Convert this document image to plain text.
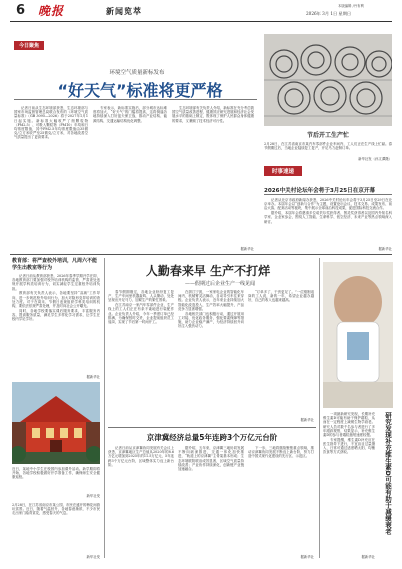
6 晚报	新闻览萃
本版编辑 /丹布利
2026年 3月 1日 星期日
今日聚焦
环境空气质量新标发布
“好天气”标准将更严格

记者日前从生态环境部获悉，生态环境部与国家市场监督管理总局联合发布的《环境空气质量标准》（GB 3095—2026）将于2027年1月1日起实施。新标准大幅收严了细颗粒物（PM2.5）、可吸入颗粒物（PM10）年均和日均浓度限值，其中PM2.5年均浓度限值由35微克/立方米收严至25微克/立方米，对各地改善空气质量提出了更高要求。

专家表示，新标准实施后，部分城市达标难度将加大，“好天气”的门槛将提高，这将倒逼各地持续深入打好蓝天保卫战，推动产业结构、能源结构、交通运输结构优化调整。

生态环境部有关负责人介绍，新标准在充分考虑我国空气质量改善进程、健康效应研究进展和经济社会发展水平的基础上制定，既体现了保护人民群众身体健康的要求，又兼顾了技术经济可行性。

据新华社
节后开工生产忙
2月28日，在江苏省南京市某汽车零部件企业车间内，工人们正在生产线上忙碌。春节假期过后，当地企业陆续复工复产，开足马力赶制订单。
新华社发（孙文潭摄）
时事速递
2026中关村论坛年会将于3月25日在京开幕

记者从北京市政府新闻办获悉，2026中关村论坛年会将于3月25日至29日在北京举办。本届年会以“创新与合作”为主题，设置论坛会议、技术交易、成果发布、前沿大赛、配套活动等板块，集中展示全球前沿科技成果，促进国际科技交流合作。

据介绍，本届年会将邀请多位诺贝尔奖获得者、图灵奖获得者以及国内外知名科学家、企业家参会，围绕人工智能、生命科学、低空经济、未来产业等热点领域深入研讨。

据新华社
教育部：将严查校外培训，凡周六不能学生出教室等行为

记者日前从教育部获悉，2026年春季学期开学在即，各地教育部门要加强对校外培训机构的监管，严肃查处违规开展学科类培训行为，切实减轻学生过重校外培训负担。

教育部有关负责人表示，各地要坚持“双减”工作导向，进一步规范校外培训行为，加大对隐形变异培训的查处力度。对于在周末、节假日违规组织学科类培训的机构，要依法依规严肃处理，并及时向社会公开曝光。

同时，各地学校要落实课后服务要求，丰富服务内容，提高服务质量，满足学生多样化学习需求，让学生在校内学足学好。

据新华社
近日，某地中小学生在校园内参加课外活动。新学期即将开始，各地学校积极做好开学准备工作，确保师生安全健康返校。
新华社发
人勤春来早 生产不打烊
——假期过后企业生产一线见闻

春节假期刚过，各地企业纷纷复工复产，生产车间里机器轰鸣、人头攒动，处处呈现出开足马力、加紧生产的繁忙景象。

在江苏南京一家汽车零部件企业，生产线上的工人们正在有条不紊地进行装配作业。企业负责人介绍，今年一季度订单已经排满，为确保按时交货，企业提前组织员工返岗，实现了节后第一时间开工。

在浙江宁波，一家家电企业的智能化车间内，机械臂灵活舞动，自动导引车往来穿梭。企业负责人表示，近年来企业持续加大智能化改造投入，生产效率大幅提升，产品竞争力显著增强。

各地相关部门也积极行动，通过开展用工对接、优化政务服务、强化要素保障等措施，助力企业稳产满产，为经济持续回升向好注入强劲动力。

“订单多了，干劲更足了。”一位刚刚返岗的工人说，新的一年，希望企业越办越好，自己的收入也越来越高。

据新华社
京津冀经济总量5年连跨3个万亿元台阶

记者日前从京津冀协同发展有关会议上获悉，京津冀地区生产总值从2020年的8.6万亿元增加到2025年的11.5万亿元，5年连跨3个万亿元台阶，区域整体实力迈上新台阶。

据介绍，五年来，京津冀三地协同发展不断向纵深推进，交通一体化加快推进，“轨道上的京津冀”主骨架基本形成；生态环境联防联治成效显著，区域空气质量持续改善；产业协作持续深化，创新链产业链加速融合。

下一步，三地将继续聚焦重点领域，推动京津冀协同发展不断迈上新台阶，努力打造中国式现代化建设的先行区、示范区。

据新华社
研究发现补充维生素D可能有助于减缓衰老

一项最新研究发现，长期补充维生素D可能有助于保护端粒，从而在一定程度上减缓生物学衰老。研究人员对数千名参与者进行了多年跟踪观察，结果显示，补充维生素D的参与者端粒缩短速度较慢。

专家提醒，维生素D补充应在医生指导下进行，不宜盲目过量摄入，日常可通过适度晒太阳、均衡饮食等方式获取。

据新华社
2月28日，在江苏省南京市某公园，市民在盛开的梅花间游玩赏景。近日，随着气温回升，各地春意渐浓，不少市民走出家门踏青赏花，感受春天的气息。
新华社发
